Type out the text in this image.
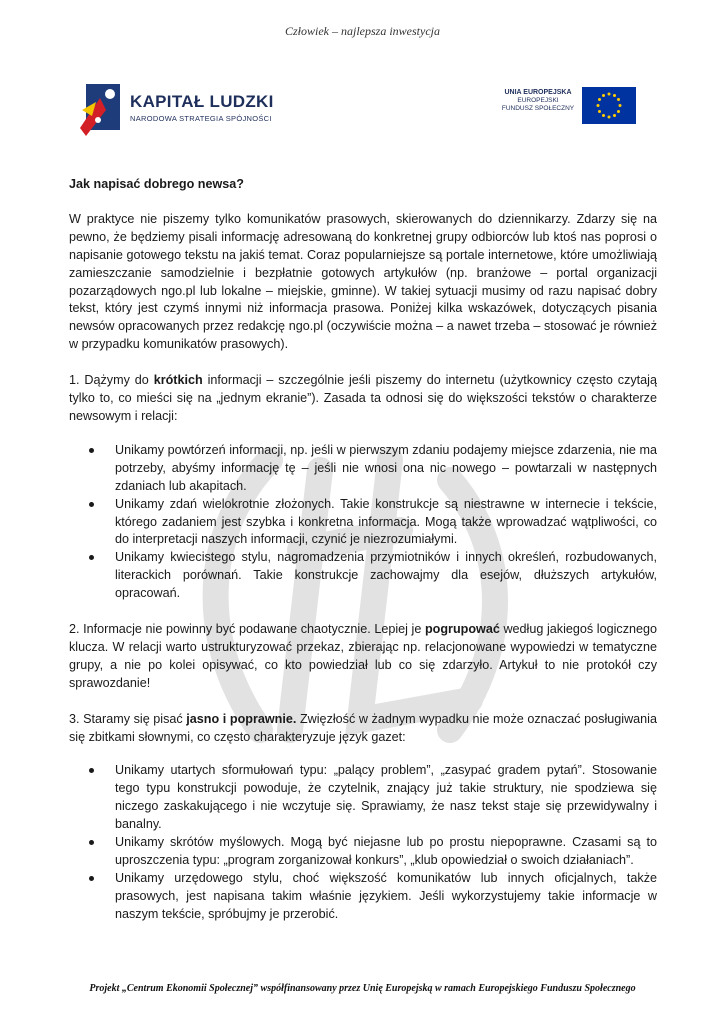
Człowiek – najlepsza inwestycja
KAPITAŁ LUDZKI
NARODOWA STRATEGIA SPÓJNOŚCI
UNIA EUROPEJSKA
EUROPEJSKI
FUNDUSZ SPOŁECZNY

Jak napisać dobrego newsa?

W praktyce nie piszemy tylko komunikatów prasowych, skierowanych do dziennikarzy. Zdarzy się na pewno, że będziemy pisali informację adresowaną do konkretnej grupy odbiorców lub ktoś nas poprosi o napisanie gotowego tekstu na jakiś temat. Coraz popularniejsze są portale internetowe, które umożliwiają zamieszczanie samodzielnie i bezpłatnie gotowych artykułów (np. branżowe – portal organizacji pozarządowych ngo.pl lub lokalne – miejskie, gminne). W takiej sytuacji musimy od razu napisać dobry tekst, który jest czymś innymi niż informacja prasowa. Poniżej kilka wskazówek, dotyczących pisania newsów opracowanych przez redakcję ngo.pl (oczywiście można – a nawet trzeba – stosować je również w przypadku komunikatów prasowych).

1. Dążymy do krótkich informacji – szczególnie jeśli piszemy do internetu (użytkownicy często czytają tylko to, co mieści się na „jednym ekranie”). Zasada ta odnosi się do większości tekstów o charakterze newsowym i relacji:

Unikamy powtórzeń informacji, np. jeśli w pierwszym zdaniu podajemy miejsce zdarzenia, nie ma potrzeby, abyśmy informację tę – jeśli nie wnosi ona nic nowego – powtarzali w następnych zdaniach lub akapitach.
Unikamy zdań wielokrotnie złożonych. Takie konstrukcje są niestrawne w internecie i tekście, którego zadaniem jest szybka i konkretna informacja. Mogą także wprowadzać wątpliwości, co do interpretacji naszych informacji, czynić je niezrozumiałymi.
Unikamy kwiecistego stylu, nagromadzenia przymiotników i innych określeń, rozbudowanych, literackich porównań. Takie konstrukcje zachowajmy dla esejów, dłuższych artykułów, opracowań.

2. Informacje nie powinny być podawane chaotycznie. Lepiej je pogrupować według jakiegoś logicznego klucza. W relacji warto ustrukturyzować przekaz, zbierając np. relacjonowane wypowiedzi w tematyczne grupy, a nie po kolei opisywać, co kto powiedział lub co się zdarzyło. Artykuł to nie protokół czy sprawozdanie!

3. Staramy się pisać jasno i poprawnie. Zwięzłość w żadnym wypadku nie może oznaczać posługiwania się zbitkami słownymi, co często charakteryzuje język gazet:

Unikamy utartych sformułowań typu: „palący problem”, „zasypać gradem pytań”. Stosowanie tego typu konstrukcji powoduje, że czytelnik, znający już takie struktury, nie spodziewa się niczego zaskakującego i nie wczytuje się. Sprawiamy, że nasz tekst staje się przewidywalny i banalny.
Unikamy skrótów myślowych. Mogą być niejasne lub po prostu niepoprawne. Czasami są to uproszczenia typu: „program zorganizował konkurs”, „klub opowiedział o swoich działaniach”.
Unikamy urzędowego stylu, choć większość komunikatów lub innych oficjalnych, także prasowych, jest napisana takim właśnie językiem. Jeśli wykorzystujemy takie informacje w naszym tekście, spróbujmy je przerobić.
Projekt „Centrum Ekonomii Społecznej” współfinansowany przez Unię Europejską w ramach Europejskiego Funduszu Społecznego
